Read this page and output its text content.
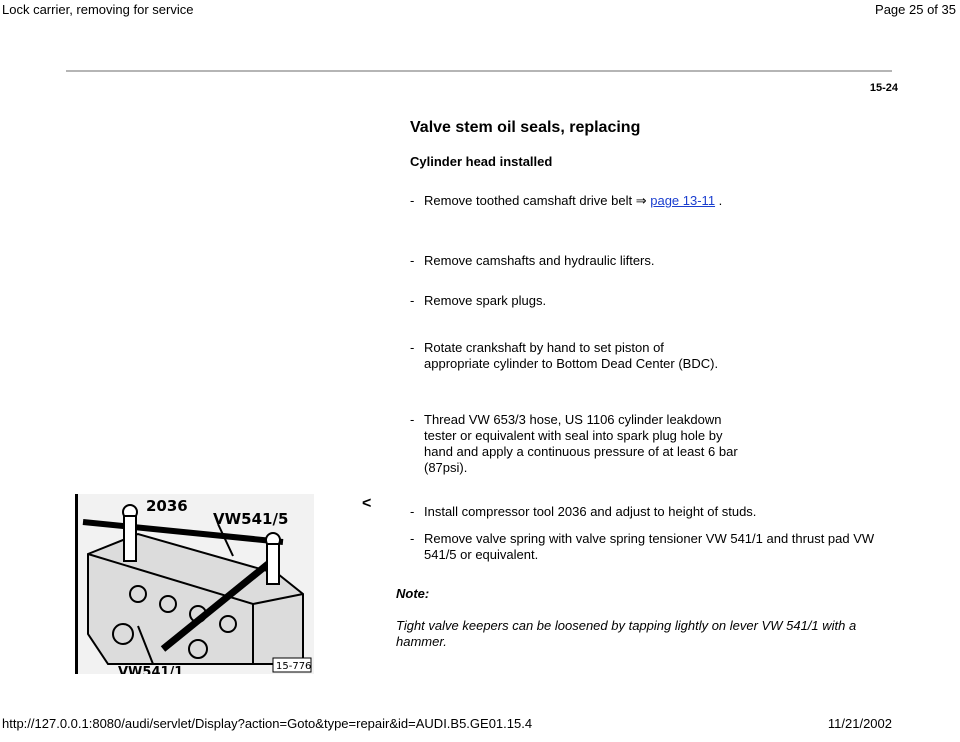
Lock carrier, removing for service	Page 25 of 35
15-24
Valve stem oil seals, replacing
Cylinder head installed
- Remove toothed camshaft drive belt ⇒ page 13-11 .
- Remove camshafts and hydraulic lifters.
- Remove spark plugs.
- Rotate crankshaft by hand to set piston of appropriate cylinder to Bottom Dead Center (BDC).
- Thread VW 653/3 hose, US 1106 cylinder leakdown tester or equivalent with seal into spark plug hole by hand and apply a continuous pressure of at least 6 bar (87psi).
2036
VW541/5
VW541/1	15-776
<	- Install compressor tool 2036 and adjust to height of studs.
- Remove valve spring with valve spring tensioner VW 541/1 and thrust pad VW 541/5 or equivalent.
Note:
Tight valve keepers can be loosened by tapping lightly on lever VW 541/1 with a hammer.
http://127.0.0.1:8080/audi/servlet/Display?action=Goto&type=repair&id=AUDI.B5.GE01.15.4	11/21/2002
